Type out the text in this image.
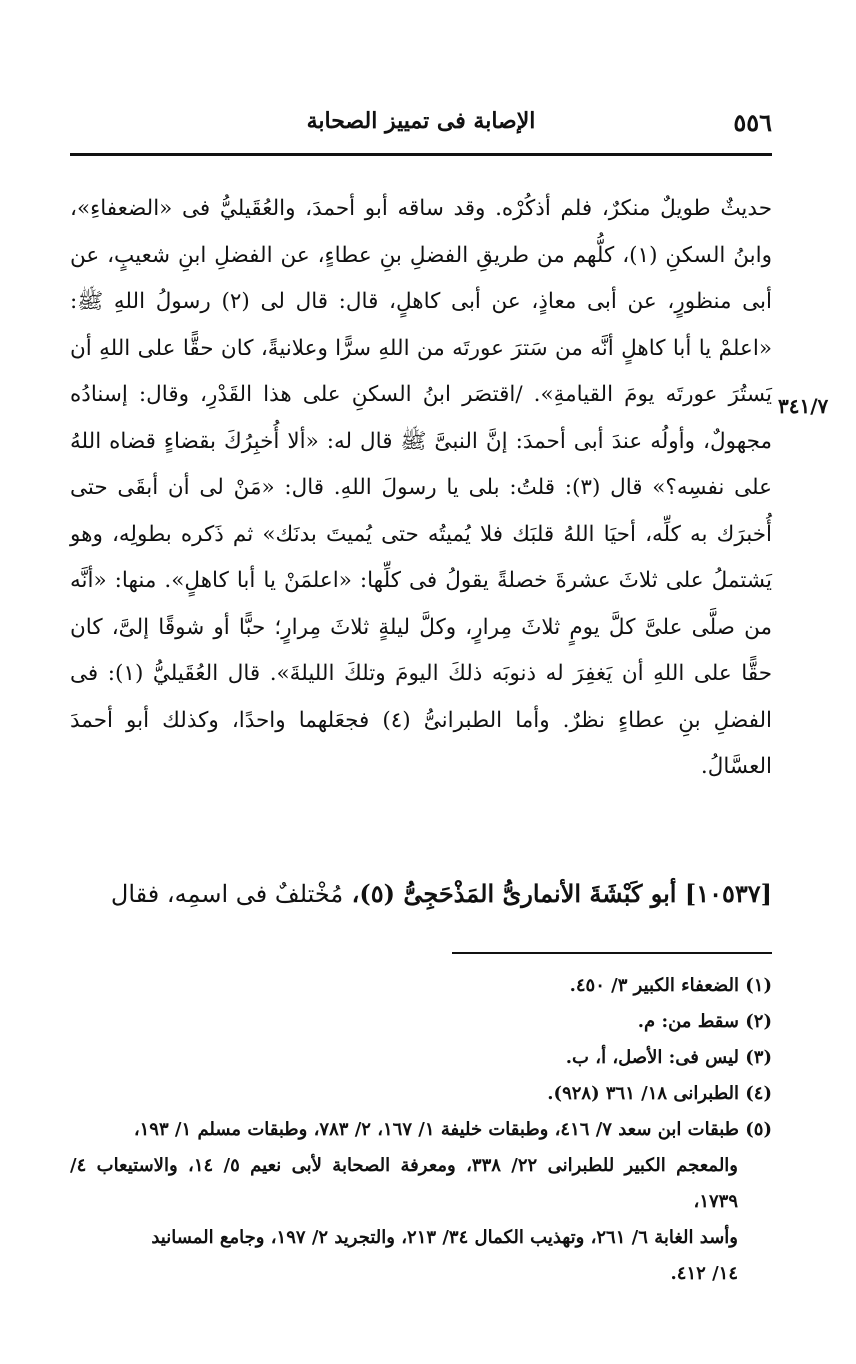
٥٥٦
الإصابة فى تمييز الصحابة
٣٤١/٧

حديثٌ طويلٌ منكرٌ، فلم أذكُرْه. وقد ساقه أبو أحمدَ، والعُقَيليُّ فى «الضعفاءِ»، وابنُ السكنِ (١)، كلُّهم من طريقِ الفضلِ بنِ عطاءٍ، عن الفضلِ ابنِ شعيبٍ، عن أبى منظورٍ، عن أبى معاذٍ، عن أبى كاهلٍ، قال: قال لى (٢) رسولُ اللهِ ﷺ: «اعلمْ يا أبا كاهلٍ أنَّه من سَترَ عورتَه من اللهِ سرًّا وعلانيةً، كان حقًّا على اللهِ أن يَستُرَ عورتَه يومَ القيامةِ». /اقتصَر ابنُ السكنِ على هذا القَدْرِ، وقال: إسنادُه مجهولٌ، وأولُه عندَ أبى أحمدَ: إنَّ النبىَّ ﷺ قال له: «ألا أُخبِرُكَ بقضاءٍ قضاه اللهُ على نفسِه؟» قال (٣): قلتُ: بلى يا رسولَ اللهِ. قال: «مَنْ لى أن أبقَى حتى أُخبرَك به كلِّه، أحيَا اللهُ قلبَك فلا يُميتُه حتى يُميتَ بدنَك» ثم ذَكره بطولِه، وهو يَشتملُ على ثلاثَ عشرةَ خصلةً يقولُ فى كلِّها: «اعلمَنْ يا أبا كاهلٍ». منها: «أنَّه من صلَّى علىَّ كلَّ يومٍ ثلاثَ مِرارٍ، وكلَّ ليلةٍ ثلاثَ مِرارٍ؛ حبًّا أو شوقًا إلىَّ، كان حقًّا على اللهِ أن يَغفِرَ له ذنوبَه ذلكَ اليومَ وتلكَ الليلةَ». قال العُقَيليُّ (١): فى الفضلِ بنِ عطاءٍ نظرٌ. وأما الطبرانىُّ (٤) فجعَلهما واحدًا، وكذلك أبو أحمدَ العسَّالُ.

[١٠٥٣٧] أبو كَبْشَةَ الأنمارىُّ المَذْحَجِىُّ (٥)، مُخْتلفٌ فى اسمِه، فقال

(١) الضعفاء الكبير ٣/ ٤٥٠.

(٢) سقط من: م.

(٣) ليس فى: الأصل، أ، ب.

(٤) الطبرانى ١٨/ ٣٦١ (٩٢٨).

(٥) طبقات ابن سعد ٧/ ٤١٦، وطبقات خليفة ١/ ١٦٧، ٢/ ٧٨٣، وطبقات مسلم ١/ ١٩٣،

والمعجم الكبير للطبرانى ٢٢/ ٣٣٨، ومعرفة الصحابة لأبى نعيم ٥/ ١٤، والاستيعاب ٤/ ١٧٣٩،

وأسد الغابة ٦/ ٢٦١، وتهذيب الكمال ٣٤/ ٢١٣، والتجريد ٢/ ١٩٧، وجامع المسانيد

١٤/ ٤١٢.
